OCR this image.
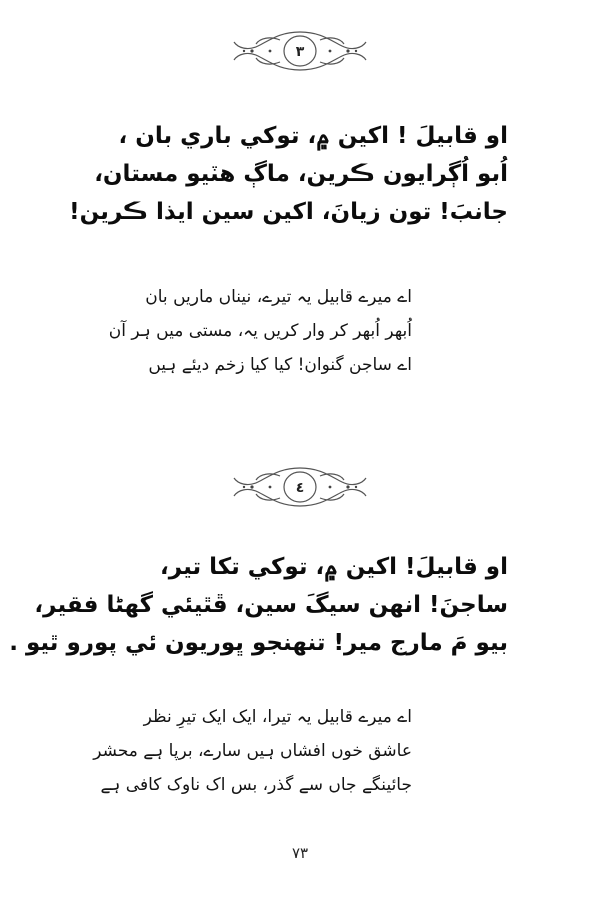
٣
او قابيلَ ! اکين ۾، توکي باري بان ،
اُبو اُڳرايون ڪرين، ماڳ هٽيو مستان،
جانبَ! تون زيانَ، اکين سين ايذا ڪرين!
اے میرے قابیل یہ تیرے، نیناں ماریں بان
اُبھر اُبھر کر وار کریں یہ، مستی میں ہر آن
اے ساجن گنوان! کیا کیا زخم دیئے ہیں
٤
او قابيلَ! اکين ۾، توکي تکا تير،
ساجنَ! انهن سيگَ سين، ڦٿيئي گهڻا فقير،
بيو مَ مارج مير! تنهنجو ڀوريون ئي پورو ٿيو .
اے میرے قابیل یہ تیرا، ایک ایک تیرِ نظر
عاشق خوں افشاں ہیں سارے، برپا ہے محشر
جائینگے جاں سے گذر، بس اک ناوک کافی ہے
٧٣
